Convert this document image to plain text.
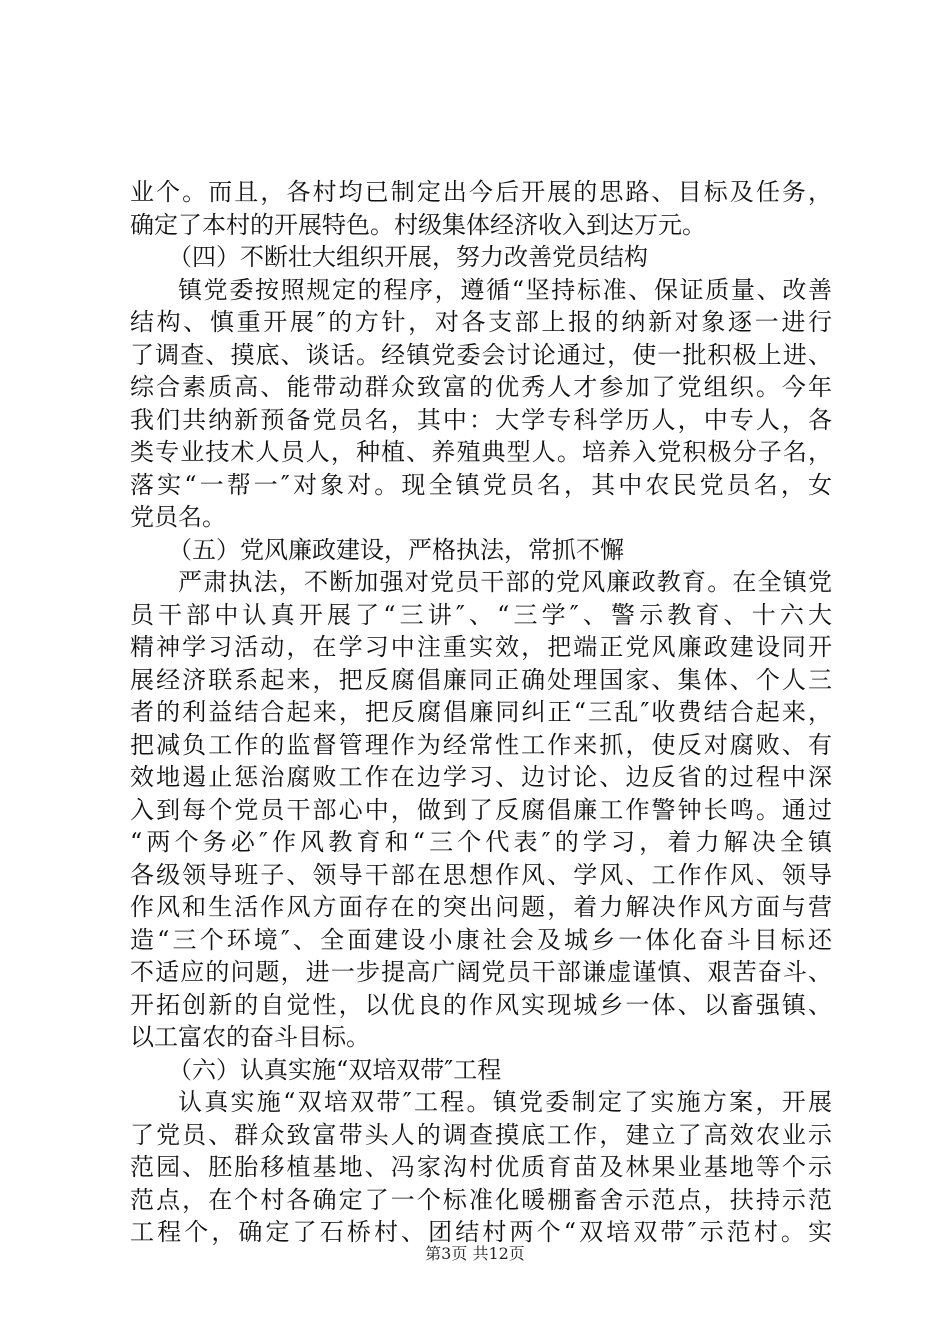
业个。而且，各村均已制定出今后开展的思路、目标及任务，
确定了本村的开展特色。村级集体经济收入到达万元。
（四）不断壮大组织开展，努力改善党员结构
镇党委按照规定的程序，遵循“坚持标准、保证质量、改善
结构、慎重开展″的方针，对各支部上报的纳新对象逐一进行
了调查、摸底、谈话。经镇党委会讨论通过，使一批积极上进、
综合素质高、能带动群众致富的优秀人才参加了党组织。今年
我们共纳新预备党员名，其中：大学专科学历人，中专人，各
类专业技术人员人，种植、养殖典型人。培养入党积极分子名，
落实“一帮一″对象对。现全镇党员名，其中农民党员名，女
党员名。
（五）党风廉政建设，严格执法，常抓不懈
严肃执法，不断加强对党员干部的党风廉政教育。在全镇党
员干部中认真开展了“三讲″、“三学″、警示教育、十六大
精神学习活动，在学习中注重实效，把端正党风廉政建设同开
展经济联系起来，把反腐倡廉同正确处理国家、集体、个人三
者的利益结合起来，把反腐倡廉同纠正“三乱″收费结合起来，
把减负工作的监督管理作为经常性工作来抓，使反对腐败、有
效地遏止惩治腐败工作在边学习、边讨论、边反省的过程中深
入到每个党员干部心中，做到了反腐倡廉工作警钟长鸣。通过
“两个务必″作风教育和“三个代表″的学习，着力解决全镇
各级领导班子、领导干部在思想作风、学风、工作作风、领导
作风和生活作风方面存在的突出问题，着力解决作风方面与营
造“三个环境″、全面建设小康社会及城乡一体化奋斗目标还
不适应的问题，进一步提高广阔党员干部谦虚谨慎、艰苦奋斗、
开拓创新的自觉性，以优良的作风实现城乡一体、以畜强镇、
以工富农的奋斗目标。
（六）认真实施“双培双带″工程
认真实施“双培双带″工程。镇党委制定了实施方案，开展
了党员、群众致富带头人的调查摸底工作，建立了高效农业示
范园、胚胎移植基地、冯家沟村优质育苗及林果业基地等个示
范点，在个村各确定了一个标准化暖棚畜舍示范点，扶持示范
工程个，确定了石桥村、团结村两个“双培双带″示范村。实
第3页 共12页
